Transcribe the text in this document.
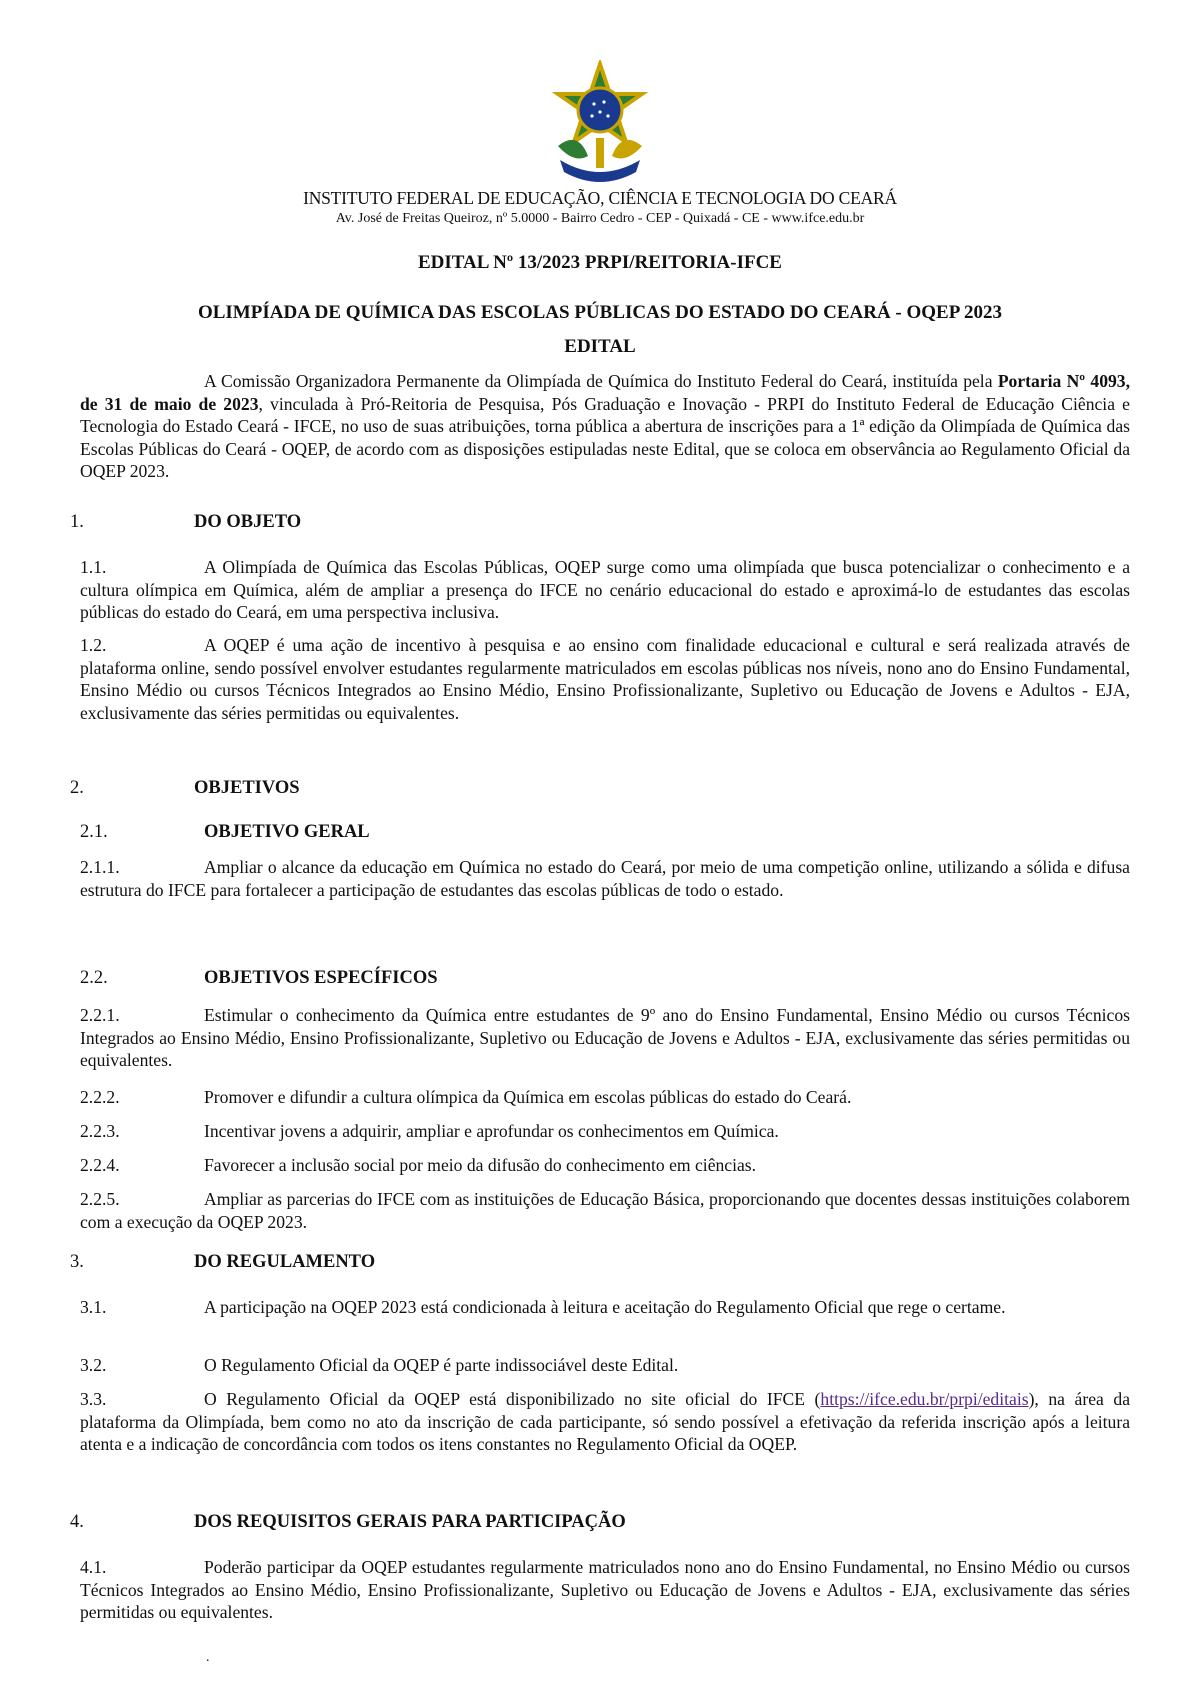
INSTITUTO FEDERAL DE EDUCAÇÃO, CIÊNCIA E TECNOLOGIA DO CEARÁ
Av. José de Freitas Queiroz, nº 5.0000 - Bairro Cedro - CEP - Quixadá - CE - www.ifce.edu.br
EDITAL Nº 13/2023 PRPI/REITORIA-IFCE
OLIMPÍADA DE QUÍMICA DAS ESCOLAS PÚBLICAS DO ESTADO DO CEARÁ - OQEP 2023
EDITAL
A Comissão Organizadora Permanente da Olimpíada de Química do Instituto Federal do Ceará, instituída pela Portaria Nº 4093, de 31 de maio de 2023, vinculada à Pró-Reitoria de Pesquisa, Pós Graduação e Inovação - PRPI do Instituto Federal de Educação Ciência e Tecnologia do Estado Ceará - IFCE, no uso de suas atribuições, torna pública a abertura de inscrições para a 1ª edição da Olimpíada de Química das Escolas Públicas do Ceará - OQEP, de acordo com as disposições estipuladas neste Edital, que se coloca em observância ao Regulamento Oficial da OQEP 2023.
1.	DO OBJETO
1.1.	A Olimpíada de Química das Escolas Públicas, OQEP surge como uma olimpíada que busca potencializar o conhecimento e a cultura olímpica em Química, além de ampliar a presença do IFCE no cenário educacional do estado e aproximá-lo de estudantes das escolas públicas do estado do Ceará, em uma perspectiva inclusiva.
1.2.	A OQEP é uma ação de incentivo à pesquisa e ao ensino com finalidade educacional e cultural e será realizada através de plataforma online, sendo possível envolver estudantes regularmente matriculados em escolas públicas nos níveis, nono ano do Ensino Fundamental, Ensino Médio ou cursos Técnicos Integrados ao Ensino Médio, Ensino Profissionalizante, Supletivo ou Educação de Jovens e Adultos - EJA, exclusivamente das séries permitidas ou equivalentes.
2.	OBJETIVOS
2.1.	OBJETIVO GERAL
2.1.1.	Ampliar o alcance da educação em Química no estado do Ceará, por meio de uma competição online, utilizando a sólida e difusa estrutura do IFCE para fortalecer a participação de estudantes das escolas públicas de todo o estado.
2.2.	OBJETIVOS ESPECÍFICOS
2.2.1.	Estimular o conhecimento da Química entre estudantes de 9º ano do Ensino Fundamental, Ensino Médio ou cursos Técnicos Integrados ao Ensino Médio, Ensino Profissionalizante, Supletivo ou Educação de Jovens e Adultos - EJA, exclusivamente das séries permitidas ou equivalentes.
2.2.2.	Promover e difundir a cultura olímpica da Química em escolas públicas do estado do Ceará.
2.2.3.	Incentivar jovens a adquirir, ampliar e aprofundar os conhecimentos em Química.
2.2.4.	Favorecer a inclusão social por meio da difusão do conhecimento em ciências.
2.2.5.	Ampliar as parcerias do IFCE com as instituições de Educação Básica, proporcionando que docentes dessas instituições colaborem com a execução da OQEP 2023.
3.	DO REGULAMENTO
3.1.	A participação na OQEP 2023 está condicionada à leitura e aceitação do Regulamento Oficial que rege o certame.
3.2.	O Regulamento Oficial da OQEP é parte indissociável deste Edital.
3.3.	O Regulamento Oficial da OQEP está disponibilizado no site oficial do IFCE (https://ifce.edu.br/prpi/editais), na área da plataforma da Olimpíada, bem como no ato da inscrição de cada participante, só sendo possível a efetivação da referida inscrição após a leitura atenta e a indicação de concordância com todos os itens constantes no Regulamento Oficial da OQEP.
4.	DOS REQUISITOS GERAIS PARA PARTICIPAÇÃO
4.1.	Poderão participar da OQEP estudantes regularmente matriculados nono ano do Ensino Fundamental, no Ensino Médio ou cursos Técnicos Integrados ao Ensino Médio, Ensino Profissionalizante, Supletivo ou Educação de Jovens e Adultos - EJA, exclusivamente das séries permitidas ou equivalentes.
.
